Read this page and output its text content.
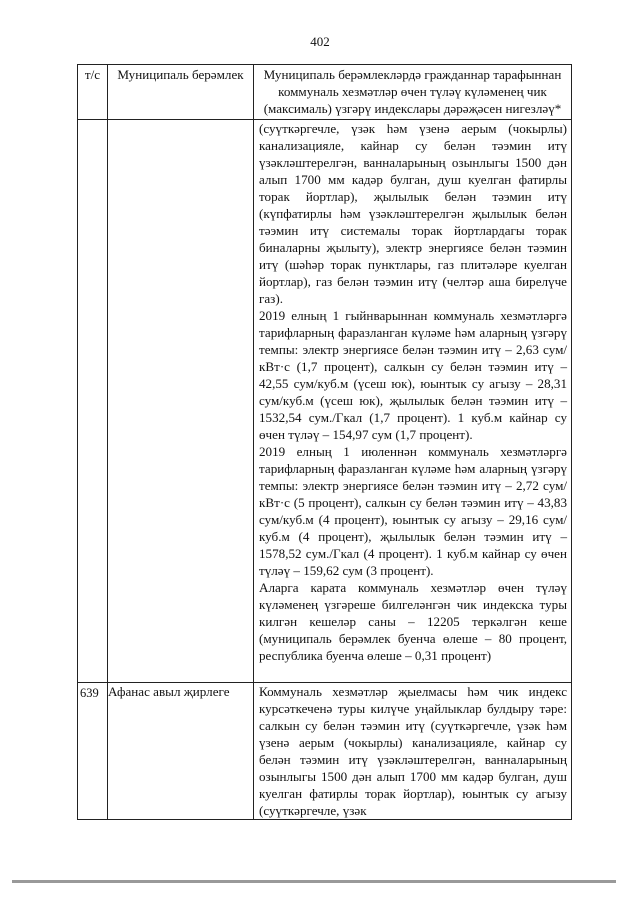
402
т/с	Муниципаль берәмлек	Муниципаль берәмлекләрдә гражданнар тарафыннан коммуналь хезмәтләр өчен түләү күләменең чик (максималь) үзгәрү индекслары дәрәҗәсен нигезләү*

		(суүткәргечле, үзәк һәм үзенә аерым (чокырлы) канализацияле, кайнар су белән тәэмин итү үзәкләштерелгән, ванналарының озынлыгы 1500 дән алып 1700 мм кадәр булган, душ куелган фатирлы торак йортлар), җылылык белән тәэмин итү (күпфатирлы һәм үзәкләштерелгән җылылык белән тәэмин итү системалы торак йортлардагы торак биналарны җылыту), электр энергиясе белән тәэмин итү (шәһәр торак пунктлары, газ плитәләре куелган йортлар), газ белән тәэмин итү (челтәр аша бирелүче газ).

2019 елның 1 гыйнварыннан коммуналь хезмәтләргә тарифларның фаразланган күләме һәм аларның үзгәрү темпы: электр энергиясе белән тәэмин итү – 2,63 сум/кВт·с (1,7 процент), салкын су белән тәэмин итү – 42,55 сум/куб.м (үсеш юк), юынтык су агызу – 28,31 сум/куб.м (үсеш юк), җылылык белән тәэмин итү – 1532,54 сум./Гкал (1,7 процент). 1 куб.м кайнар су өчен түләү – 154,97 сум (1,7 процент).

2019 елның 1 июленнән коммуналь хезмәтләргә тарифларның фаразланган күләме һәм аларның үзгәрү темпы: электр энергиясе белән тәэмин итү – 2,72 сум/кВт·с (5 процент), салкын су белән тәэмин итү – 43,83 сум/куб.м (4 процент), юынтык су агызу – 29,16 сум/куб.м (4 процент), җылылык белән тәэмин итү – 1578,52 сум./Гкал (4 процент). 1 куб.м кайнар су өчен түләү – 159,62 сум (3 процент).

Аларга карата коммуналь хезмәтләр өчен түләү күләменең үзгәреше билгеләнгән чик индекска туры килгән кешеләр саны – 12205 теркәлгән кеше (муниципаль берәмлек буенча өлеше – 80 процент, республика буенча өлеше – 0,31 процент)

639	Афанас авыл җирлеге	Коммуналь хезмәтләр җыелмасы һәм чик индекс курсәткеченә туры килүче уңайлыклар булдыру тәре: салкын су белән тәэмин итү (суүткәргечле, үзәк һәм үзенә аерым (чокырлы) канализацияле, кайнар су белән тәэмин итү үзәкләштерелгән, ванналарының озынлыгы 1500 дән алып 1700 мм кадәр булган, душ куелган фатирлы торак йортлар), юынтык су агызу (суүткәргечле, үзәк
